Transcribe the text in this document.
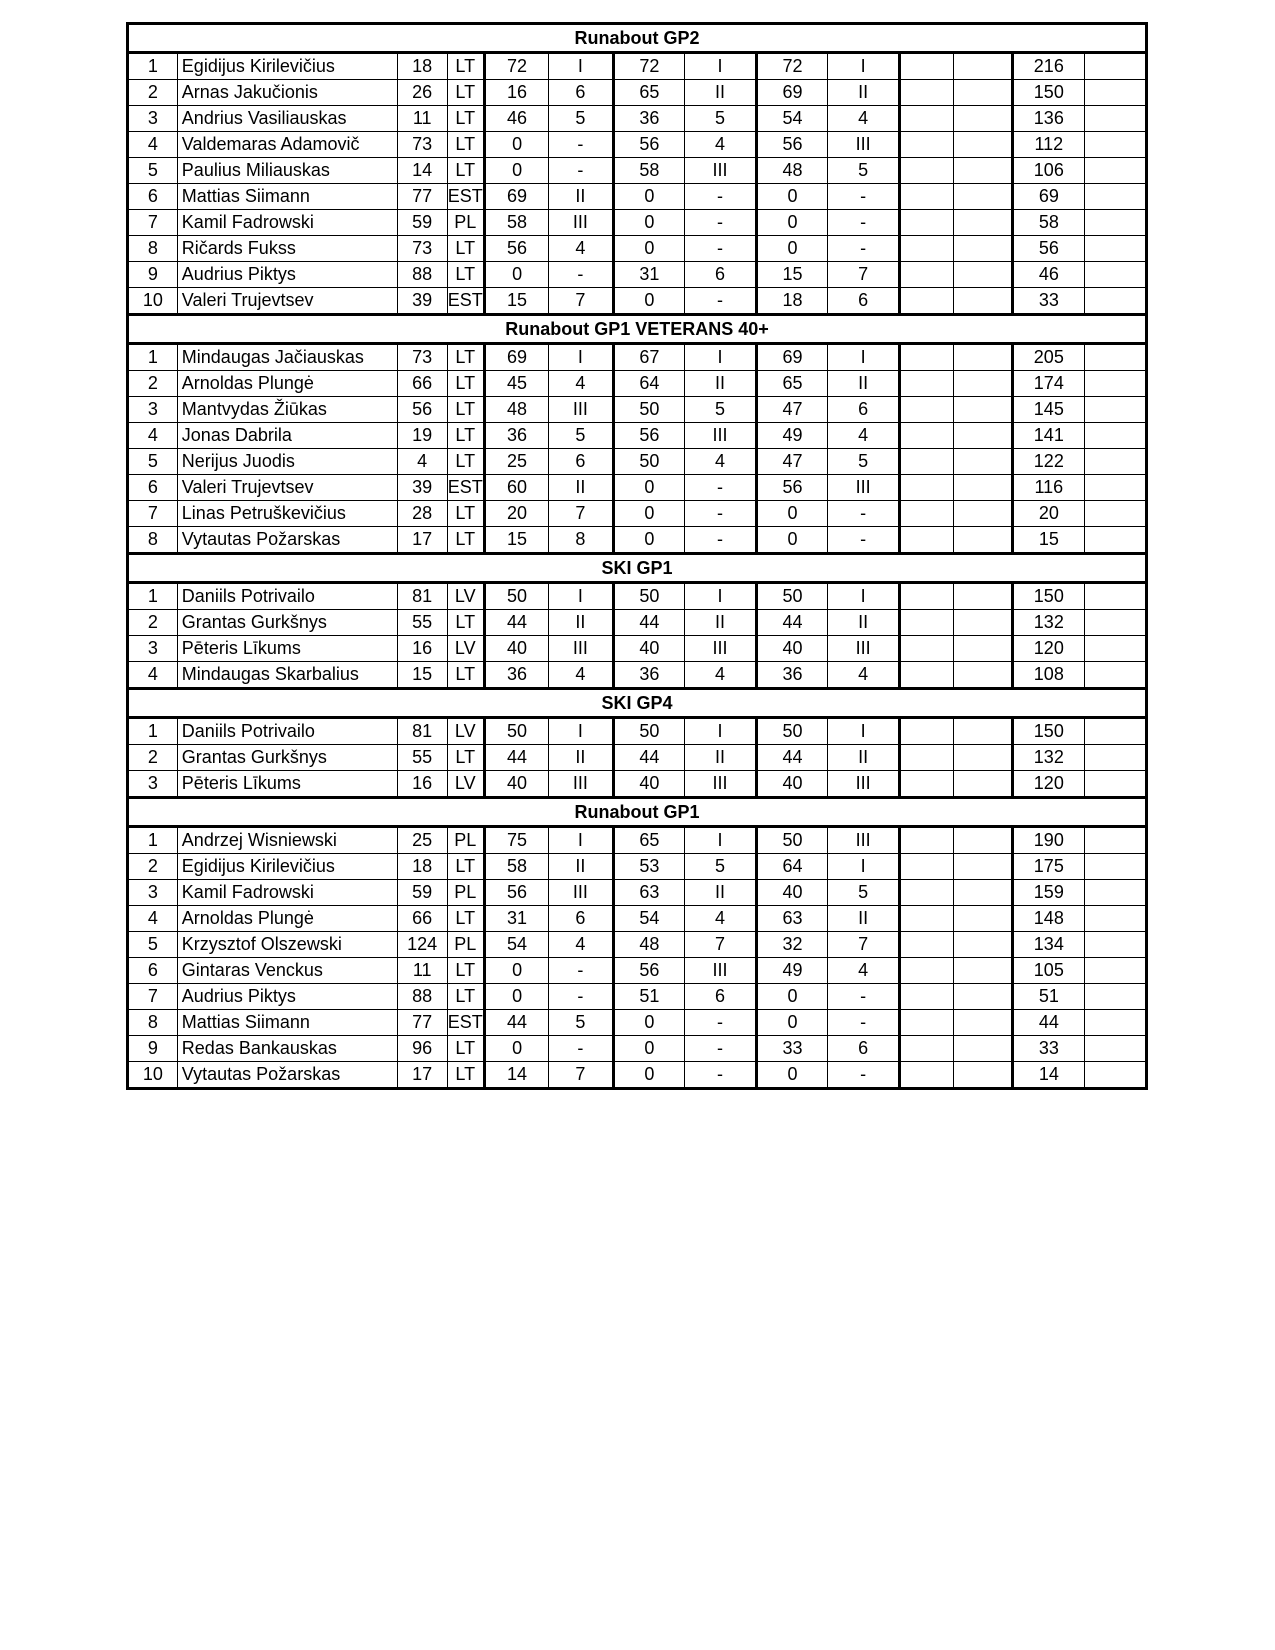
Runabout GP2													
1	Egidijus Kirilevičius	18	LT	72	I	72	I	72	I			216	
2	Arnas Jakučionis	26	LT	16	6	65	II	69	II			150	
3	Andrius Vasiliauskas	11	LT	46	5	36	5	54	4			136	
4	Valdemaras Adamovič	73	LT	0	-	56	4	56	III			112	
5	Paulius Miliauskas	14	LT	0	-	58	III	48	5			106	
6	Mattias Siimann	77	EST	69	II	0	-	0	-			69	
7	Kamil Fadrowski	59	PL	58	III	0	-	0	-			58	
8	Ričards Fukss	73	LT	56	4	0	-	0	-			56	
9	Audrius Piktys	88	LT	0	-	31	6	15	7			46	
10	Valeri Trujevtsev	39	EST	15	7	0	-	18	6			33	
Runabout GP1 VETERANS 40+													
1	Mindaugas Jačiauskas	73	LT	69	I	67	I	69	I			205	
2	Arnoldas Plungė	66	LT	45	4	64	II	65	II			174	
3	Mantvydas Žiūkas	56	LT	48	III	50	5	47	6			145	
4	Jonas Dabrila	19	LT	36	5	56	III	49	4			141	
5	Nerijus Juodis	4	LT	25	6	50	4	47	5			122	
6	Valeri Trujevtsev	39	EST	60	II	0	-	56	III			116	
7	Linas Petruškevičius	28	LT	20	7	0	-	0	-			20	
8	Vytautas Požarskas	17	LT	15	8	0	-	0	-			15	
SKI GP1													
1	Daniils Potrivailo	81	LV	50	I	50	I	50	I			150	
2	Grantas Gurkšnys	55	LT	44	II	44	II	44	II			132	
3	Pēteris Līkums	16	LV	40	III	40	III	40	III			120	
4	Mindaugas Skarbalius	15	LT	36	4	36	4	36	4			108	
SKI GP4													
1	Daniils Potrivailo	81	LV	50	I	50	I	50	I			150	
2	Grantas Gurkšnys	55	LT	44	II	44	II	44	II			132	
3	Pēteris Līkums	16	LV	40	III	40	III	40	III			120	
Runabout GP1													
1	Andrzej Wisniewski	25	PL	75	I	65	I	50	III			190	
2	Egidijus Kirilevičius	18	LT	58	II	53	5	64	I			175	
3	Kamil Fadrowski	59	PL	56	III	63	II	40	5			159	
4	Arnoldas Plungė	66	LT	31	6	54	4	63	II			148	
5	Krzysztof Olszewski	124	PL	54	4	48	7	32	7			134	
6	Gintaras Venckus	11	LT	0	-	56	III	49	4			105	
7	Audrius Piktys	88	LT	0	-	51	6	0	-			51	
8	Mattias Siimann	77	EST	44	5	0	-	0	-			44	
9	Redas Bankauskas	96	LT	0	-	0	-	33	6			33	
10	Vytautas Požarskas	17	LT	14	7	0	-	0	-			14	
